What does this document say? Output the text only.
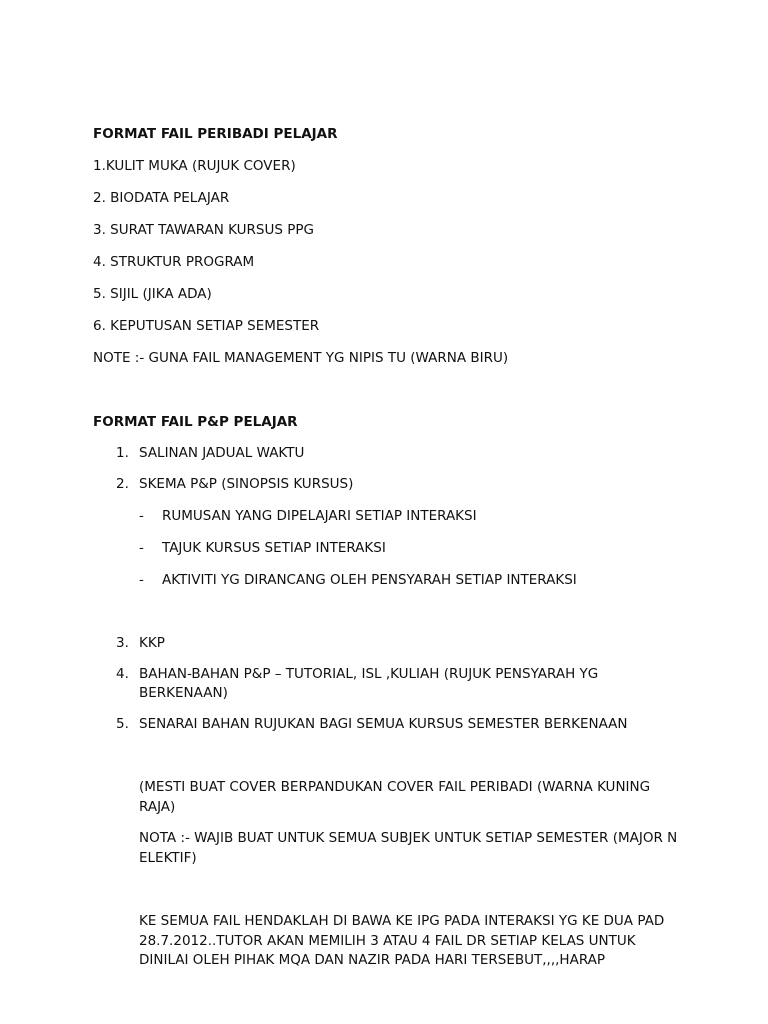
FORMAT FAIL PERIBADI PELAJAR

1.KULIT MUKA (RUJUK COVER)

2. BIODATA PELAJAR

3. SURAT TAWARAN KURSUS PPG

4. STRUKTUR PROGRAM

5. SIJIL (JIKA ADA)

6. KEPUTUSAN SETIAP SEMESTER

NOTE :- GUNA FAIL MANAGEMENT YG NIPIS TU (WARNA BIRU)

FORMAT FAIL P&P PELAJAR

1. SALINAN JADUAL WAKTU
2. SKEMA P&P (SINOPSIS KURSUS)
- RUMUSAN YANG DIPELAJARI SETIAP INTERAKSI
- TAJUK KURSUS SETIAP INTERAKSI
- AKTIVITI YG DIRANCANG OLEH PENSYARAH SETIAP INTERAKSI
3. KKP
4. BAHAN-BAHAN P&P – TUTORIAL, ISL ,KULIAH (RUJUK PENSYARAH YG BERKENAAN)
5. SENARAI BAHAN RUJUKAN BAGI SEMUA KURSUS SEMESTER BERKENAAN

(MESTI BUAT COVER BERPANDUKAN COVER FAIL PERIBADI (WARNA KUNING RAJA)

NOTA :- WAJIB BUAT UNTUK SEMUA SUBJEK UNTUK SETIAP SEMESTER (MAJOR N ELEKTIF)

KE SEMUA FAIL HENDAKLAH DI BAWA KE IPG PADA INTERAKSI YG KE DUA PAD 28.7.2012..TUTOR AKAN MEMILIH 3 ATAU 4 FAIL DR SETIAP KELAS UNTUK DINILAI OLEH PIHAK MQA DAN NAZIR PADA HARI TERSEBUT,,,,HARAP
